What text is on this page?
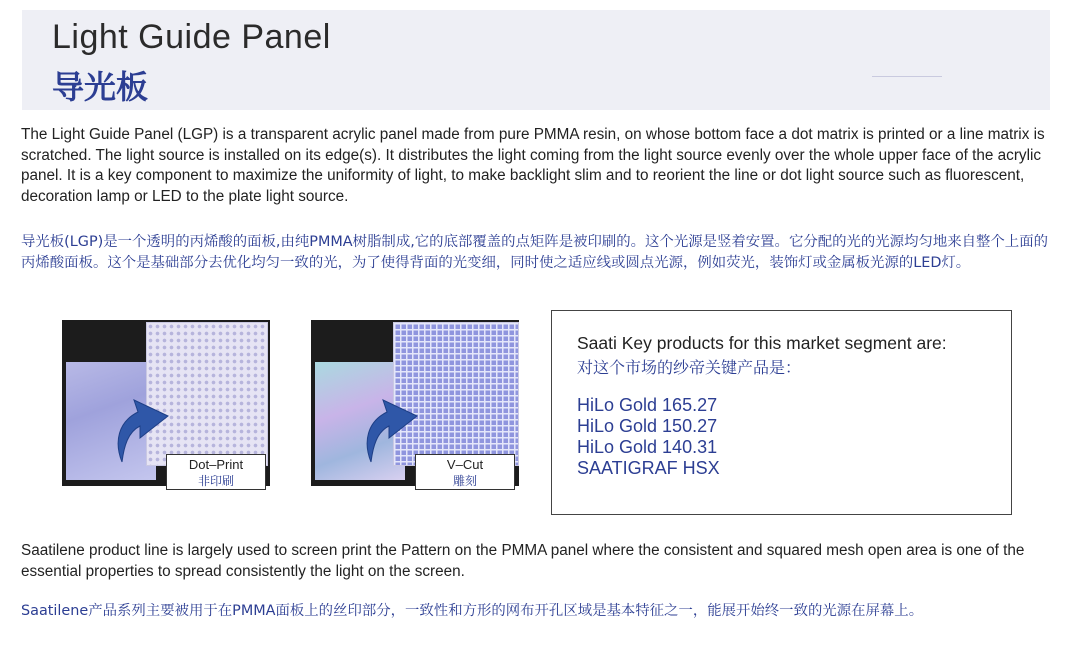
Light Guide Panel
导光板
The Light Guide Panel (LGP) is a transparent acrylic panel made from pure PMMA resin, on whose bottom face a dot matrix is printed or a line matrix is scratched. The light source is installed on its edge(s). It distributes the light coming from the light source evenly over the whole upper face of the acrylic panel. It is a key component to maximize the uniformity of light, to make backlight slim and to reorient the line or dot light source such as fluorescent, decoration lamp or LED to the plate light source.
导光板(LGP)是一个透明的丙烯酸的面板,由纯PMMA树脂制成,它的底部覆盖的点矩阵是被印刷的。这个光源是竖着安置。它分配的光的光源均匀地来自整个上面的丙烯酸面板。这个是基础部分去优化均匀一致的光，为了使得背面的光变细，同时使之适应线或圆点光源，例如荧光，装饰灯或金属板光源的LED灯。
Dot–Print
非印刷
V–Cut
雕刻
Saati Key products for this market segment are:
对这个市场的纱帝关键产品是：
HiLo Gold 165.27
HiLo Gold 150.27
HiLo Gold 140.31
SAATIGRAF HSX
Saatilene product line is largely used to screen print the Pattern on the PMMA panel where the consistent and squared mesh open area is one of the essential properties to spread consistently the light on the screen.
Saatilene产品系列主要被用于在PMMA面板上的丝印部分，一致性和方形的网布开孔区域是基本特征之一，能展开始终一致的光源在屏幕上。
